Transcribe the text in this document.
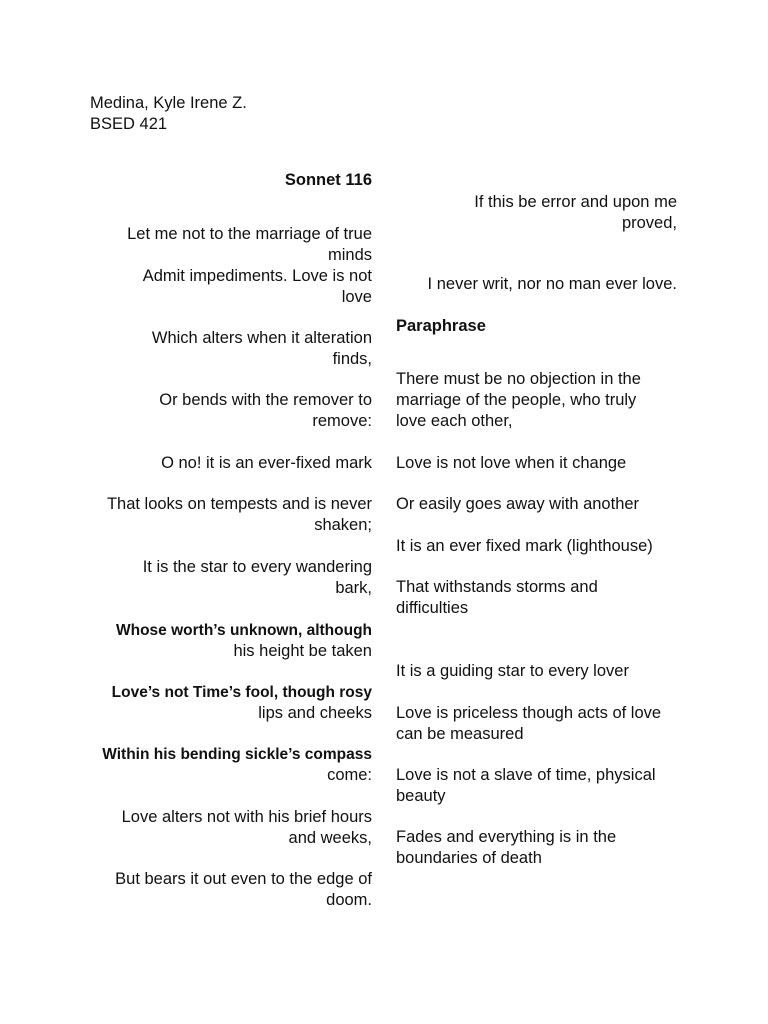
Medina, Kyle Irene Z.
BSED 421
Sonnet 116
Let me not to the marriage of true
minds
Admit impediments. Love is not
love
Which alters when it alteration
finds,
Or bends with the remover to
remove:
O no! it is an ever-fixed mark
That looks on tempests and is never
shaken;
It is the star to every wandering
bark,
Whose worth’s unknown, although
his height be taken
Love’s not Time’s fool, though rosy
lips and cheeks
Within his bending sickle’s compass
come:
Love alters not with his brief hours
and weeks,
But bears it out even to the edge of
doom.
If this be error and upon me
proved,
I never writ, nor no man ever love.
Paraphrase
There must be no objection in the
marriage of the people, who truly
love each other,
Love is not love when it change
Or easily goes away with another
It is an ever fixed mark (lighthouse)
That withstands storms and
difficulties
It is a guiding star to every lover
Love is priceless though acts of love
can be measured
Love is not a slave of time, physical
beauty
Fades and everything is in the
boundaries of death
